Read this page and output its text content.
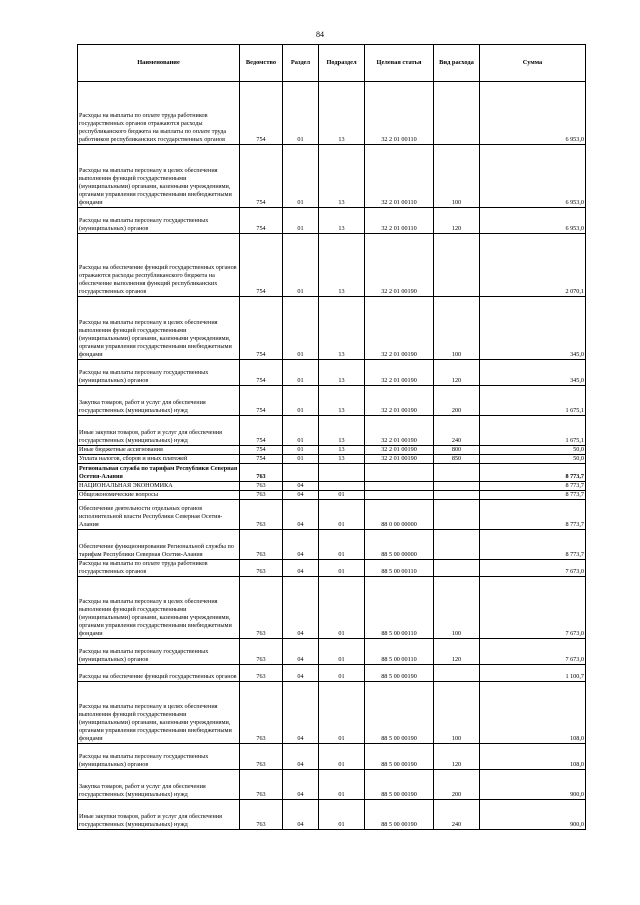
84
Наименование	Ведомство	Раздел	Подраздел	Целевая статья	Вид расхода	Сумма
Расходы на выплаты по оплате труда работников государственных органов отражаются расходы республиканского бюджета на выплаты по оплате труда работников республиканских государственных органов	754	01	13	32 2 01 00110		6 953,0
Расходы на выплаты персоналу в целях обеспечения выполнения функций государственными (муниципальными) органами, казенными учреждениями, органами управления государственными внебюджетными фондами	754	01	13	32 2 01 00110	100	6 953,0
Расходы на выплаты персоналу государственных (муниципальных) органов	754	01	13	32 2 01 00110	120	6 953,0
Расходы на обеспечение функций государственных органов отражаются расходы республиканского бюджета на обеспечение выполнения функций республиканских государственных органов	754	01	13	32 2 01 00190		2 070,1
Расходы на выплаты персоналу в целях обеспечения выполнения функций государственными (муниципальными) органами, казенными учреждениями, органами управления государственными внебюджетными фондами	754	01	13	32 2 01 00190	100	345,0
Расходы на выплаты персоналу государственных (муниципальных) органов	754	01	13	32 2 01 00190	120	345,0
Закупка товаров, работ и услуг для обеспечения государственных (муниципальных) нужд	754	01	13	32 2 01 00190	200	1 675,1
Иные закупки товаров, работ и услуг для обеспечения государственных (муниципальных) нужд	754	01	13	32 2 01 00190	240	1 675,1
Иные бюджетные ассигнования	754	01	13	32 2 01 00190	800	50,0
Уплата налогов, сборов и иных платежей	754	01	13	32 2 01 00190	850	50,0
Региональная служба по тарифам Республики Северная Осетия-Алания	763					8 773,7
НАЦИОНАЛЬНАЯ ЭКОНОМИКА	763	04				8 773,7
Общеэкономические вопросы	763	04	01			8 773,7
Обеспечение деятельности отдельных органов исполнительной власти Республики Северная Осетия-Алания	763	04	01	88 0 00 00000		8 773,7
Обеспечение функционирования Региональной службы по тарифам Республики Северная Осетия-Алания	763	04	01	88 5 00 00000		8 773,7
Расходы на выплаты по оплате труда работников государственных органов	763	04	01	88 5 00 00110		7 673,0
Расходы на выплаты персоналу в целях обеспечения выполнения функций государственными (муниципальными) органами, казенными учреждениями, органами управления государственными внебюджетными фондами	763	04	01	88 5 00 00110	100	7 673,0
Расходы на выплаты персоналу государственных (муниципальных) органов	763	04	01	88 5 00 00110	120	7 673,0
Расходы на обеспечение функций государственных органов	763	04	01	88 5 00 00190		1 100,7
Расходы на выплаты персоналу в целях обеспечения выполнения функций государственными (муниципальными) органами, казенными учреждениями, органами управления государственными внебюджетными фондами	763	04	01	88 5 00 00190	100	108,0
Расходы на выплаты персоналу государственных (муниципальных) органов	763	04	01	88 5 00 00190	120	108,0
Закупка товаров, работ и услуг для обеспечения государственных (муниципальных) нужд	763	04	01	88 5 00 00190	200	900,0
Иные закупки товаров, работ и услуг для обеспечения государственных (муниципальных) нужд	763	04	01	88 5 00 00190	240	900,0
